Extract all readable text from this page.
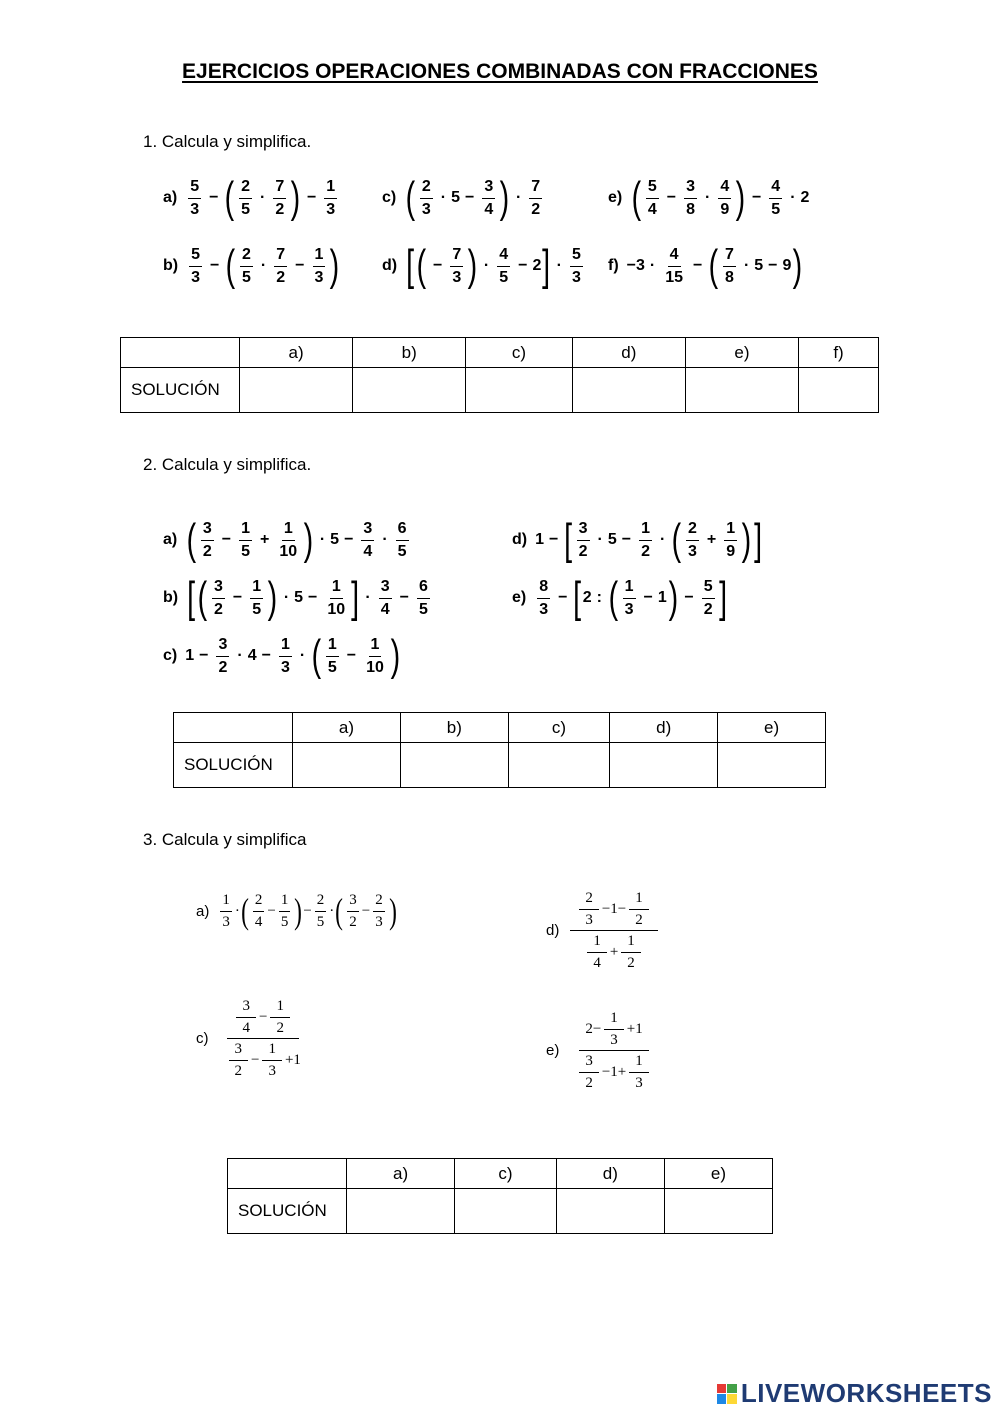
EJERCICIOS OPERACIONES COMBINADAS CON FRACCIONES
1. Calcula y simplifica.
$a) \frac{5}{3}$ − ( $\frac{2}{5} \cdot \frac{7}{2}$ ) − $\frac{1}{3}$
$b) \frac{5}{3}$ − ( $\frac{2}{5} \cdot \frac{7}{2} - \frac{1}{3}$ )
c) ( $\frac{2}{3} \cdot 5 - \frac{3}{4}$ ) · $\frac{7}{2}$
d) [ ( − $\frac{7}{3}$ ) · $\frac{4}{5} - 2$ ] · $\frac{5}{3}$
e) ( $\frac{5}{4} - \frac{3}{8} \cdot \frac{4}{9}$ ) − $\frac{4}{5} \cdot 2$
$f) -3 \cdot \frac{4}{15}$ − ( $\frac{7}{8} \cdot 5 - 9$ )
	a)	b)	c)	d)	e)	f)
SOLUCIÓN						
2. Calcula y simplifica.
a) ( $\frac{3}{2} - \frac{1}{5} + \frac{1}{10}$ ) · $5 - \frac{3}{4} \cdot \frac{6}{5}$
b) [ ( $\frac{3}{2} - \frac{1}{5}$ ) · $5 - \frac{1}{10}$ ] · $\frac{3}{4} - \frac{6}{5}$
c) $1 - \frac{3}{2} \cdot 4 - \frac{1}{3}$ · ( $\frac{1}{5} - \frac{1}{10}$ )
d) 1 − [ $\frac{3}{2} \cdot 5 - \frac{1}{2}$ · ( $\frac{2}{3} + \frac{1}{9}$ ) ]
$e) \frac{8}{3}$ − [ 2 : ( $\frac{1}{3} - 1$ ) − $\frac{5}{2}$ ]
	a)	b)	c)	d)	e)
SOLUCIÓN					
3. Calcula y simplifica
$a) \frac{1}{3}$ · ( $\frac{2}{4} - \frac{1}{5}$ ) − $\frac{2}{5}$ · ( $\frac{3}{2} - \frac{2}{3}$ )
$c) \frac{\frac{3}{4} - \frac{1}{2}}{\frac{3}{2} - \frac{1}{3} +1}$
$d) \frac{\frac{2}{3} -1- \frac{1}{2}}{\frac{1}{4} + \frac{1}{2}}$
$e) \frac{2- \frac{1}{3} +1}{\frac{3}{2} -1+ \frac{1}{3}}$
	a)	c)	d)	e)
SOLUCIÓN				
LIVEWORKSHEETS
